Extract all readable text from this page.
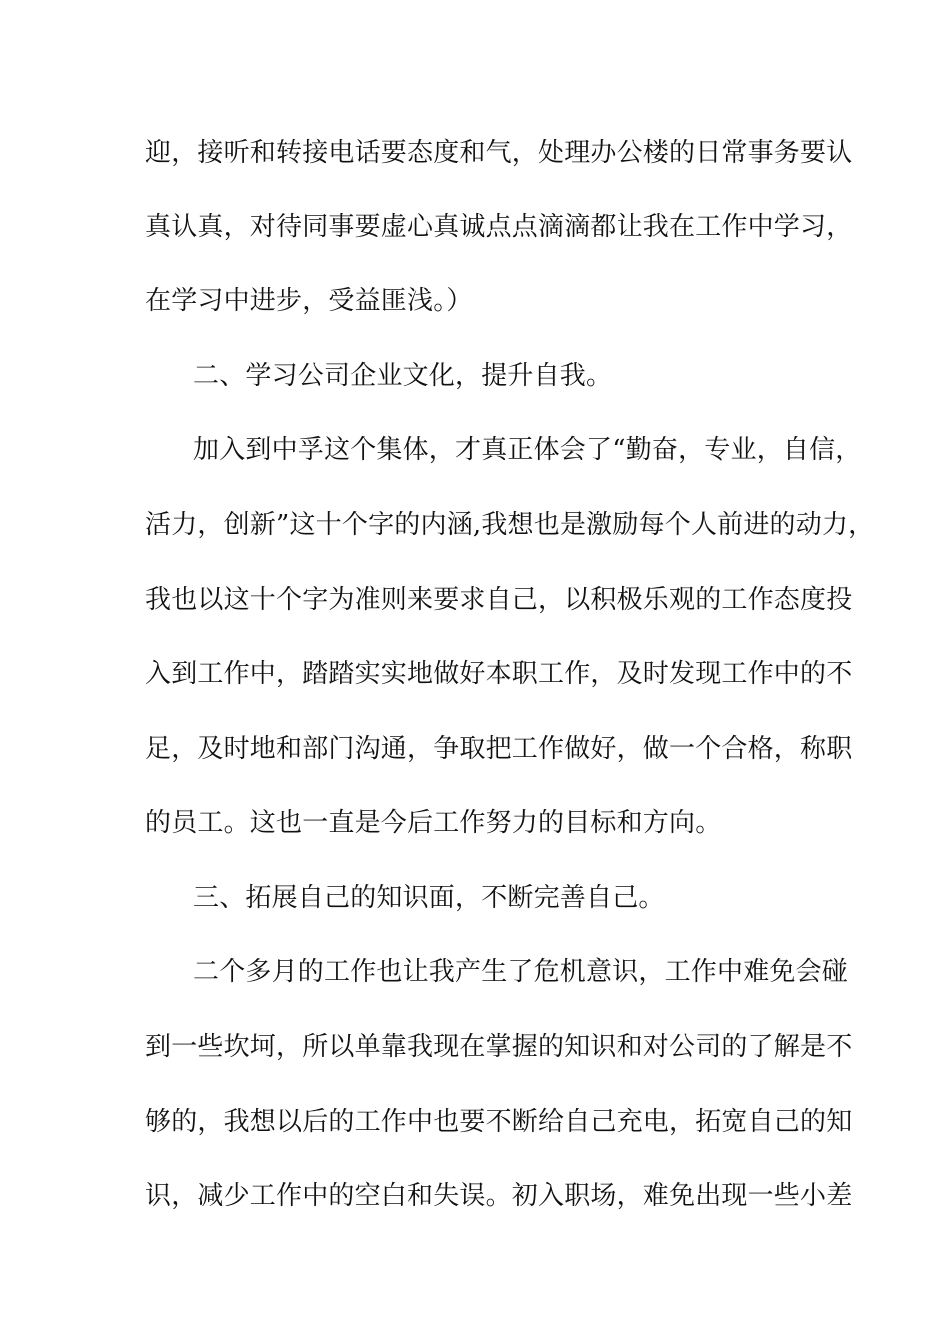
迎，接听和转接电话要态度和气，处理办公楼的日常事务要认
真认真，对待同事要虚心真诚点点滴滴都让我在工作中学习，
在学习中进步，受益匪浅。）
二、学习公司企业文化，提升自我。
加入到中孚这个集体，才真正体会了“勤奋，专业，自信，
活力，创新”这十个字的内涵,我想也是激励每个人前进的动力，
我也以这十个字为准则来要求自己，以积极乐观的工作态度投
入到工作中，踏踏实实地做好本职工作，及时发现工作中的不
足，及时地和部门沟通，争取把工作做好，做一个合格，称职
的员工。这也一直是今后工作努力的目标和方向。
三、拓展自己的知识面，不断完善自己。
二个多月的工作也让我产生了危机意识，工作中难免会碰
到一些坎坷，所以单靠我现在掌握的知识和对公司的了解是不
够的，我想以后的工作中也要不断给自己充电，拓宽自己的知
识，减少工作中的空白和失误。初入职场，难免出现一些小差
